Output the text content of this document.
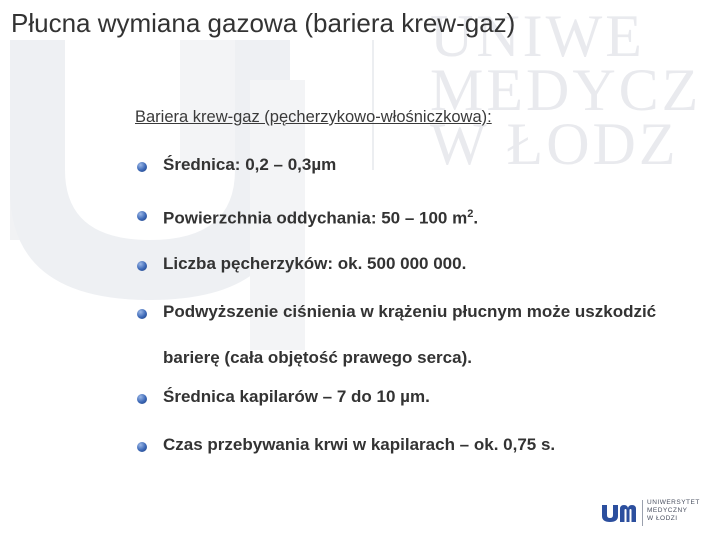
UNIWE
MEDYCZ
W ŁODZ
Płucna wymiana gazowa (bariera krew-gaz)
Bariera krew-gaz (pęcherzykowo-włośniczkowa):
Średnica: 0,2 – 0,3µm
Powierzchnia oddychania: 50 – 100 $m^2$.
Liczba pęcherzyków: ok. 500 000 000.
Podwyższenie ciśnienia w krążeniu płucnym może uszkodzić barierę (cała objętość prawego serca).
Średnica kapilarów – 7 do 10 µm.
Czas przebywania krwi w kapilarach – ok. 0,75 s.
UNIWERSYTET
MEDYCZNY
W ŁODZI
